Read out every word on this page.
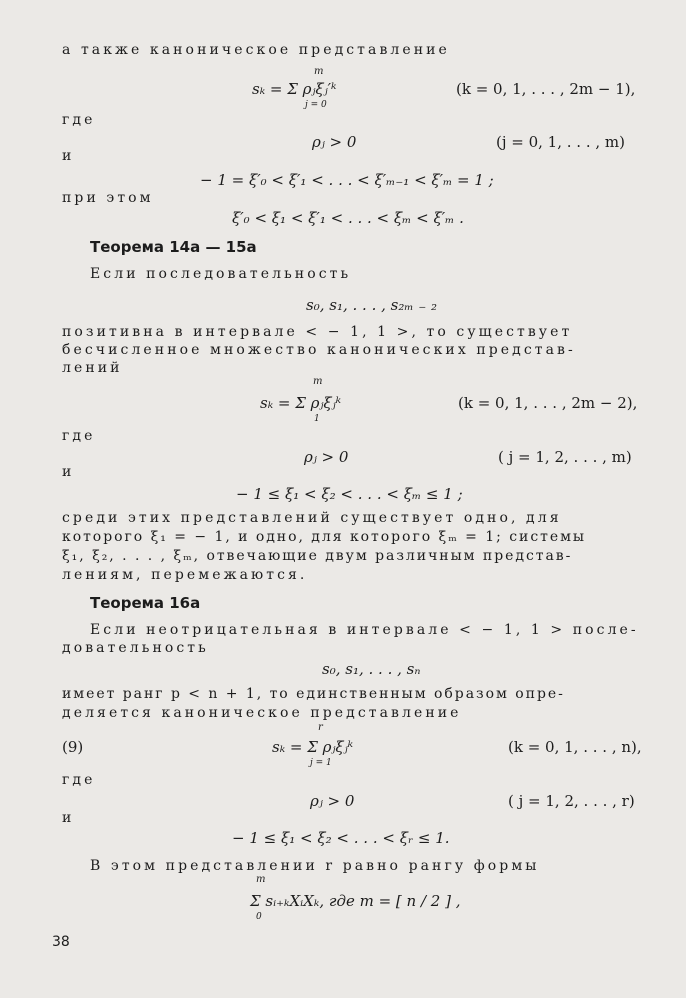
а также каноническое представление
m
sₖ = Σ ρⱼξⱼ′ᵏ	(k = 0, 1, . . . , 2m − 1),
j = 0
где
ρⱼ > 0	(j = 0, 1, . . . , m)
и
− 1 = ξ′₀ < ξ′₁ < . . . < ξ′ₘ₋₁ < ξ′ₘ = 1 ;
при этом
ξ′₀ < ξ₁ < ξ′₁ < . . . < ξₘ < ξ′ₘ .
Теорема 14а — 15а
Если последовательность
s₀, s₁, . . . , s₂ₘ ₋ ₂
позитивна в интервале < − 1, 1 >, то существует
бесчисленное множество канонических представ-
лений
m
sₖ = Σ ρⱼξⱼᵏ	(k = 0, 1, . . . , 2m − 2),
1
где
ρⱼ > 0	( j = 1, 2, . . . , m)
и
− 1 ≤ ξ₁ < ξ₂ < . . . < ξₘ ≤ 1 ;
среди этих представлений существует одно, для
которого ξ₁ = − 1, и одно, для которого ξₘ = 1; системы
ξ₁, ξ₂, . . . , ξₘ, отвечающие двум различным представ-
лениям, перемежаются.
Теорема 16а
Если неотрицательная в интервале < − 1, 1 > после-
довательность
s₀, s₁, . . . , sₙ
имеет ранг p < n + 1, то единственным образом опре-
деляется каноническое представление
r
(9)	sₖ = Σ ρⱼξⱼᵏ	(k = 0, 1, . . . , n),
j = 1
где
ρⱼ > 0	( j = 1, 2, . . . , r)
и
− 1 ≤ ξ₁ < ξ₂ < . . . < ξᵣ ≤ 1.
В этом представлении r равно рангу формы
m
Σ sᵢ₊ₖXᵢXₖ, где m = [ n / 2 ] ,
0
38
